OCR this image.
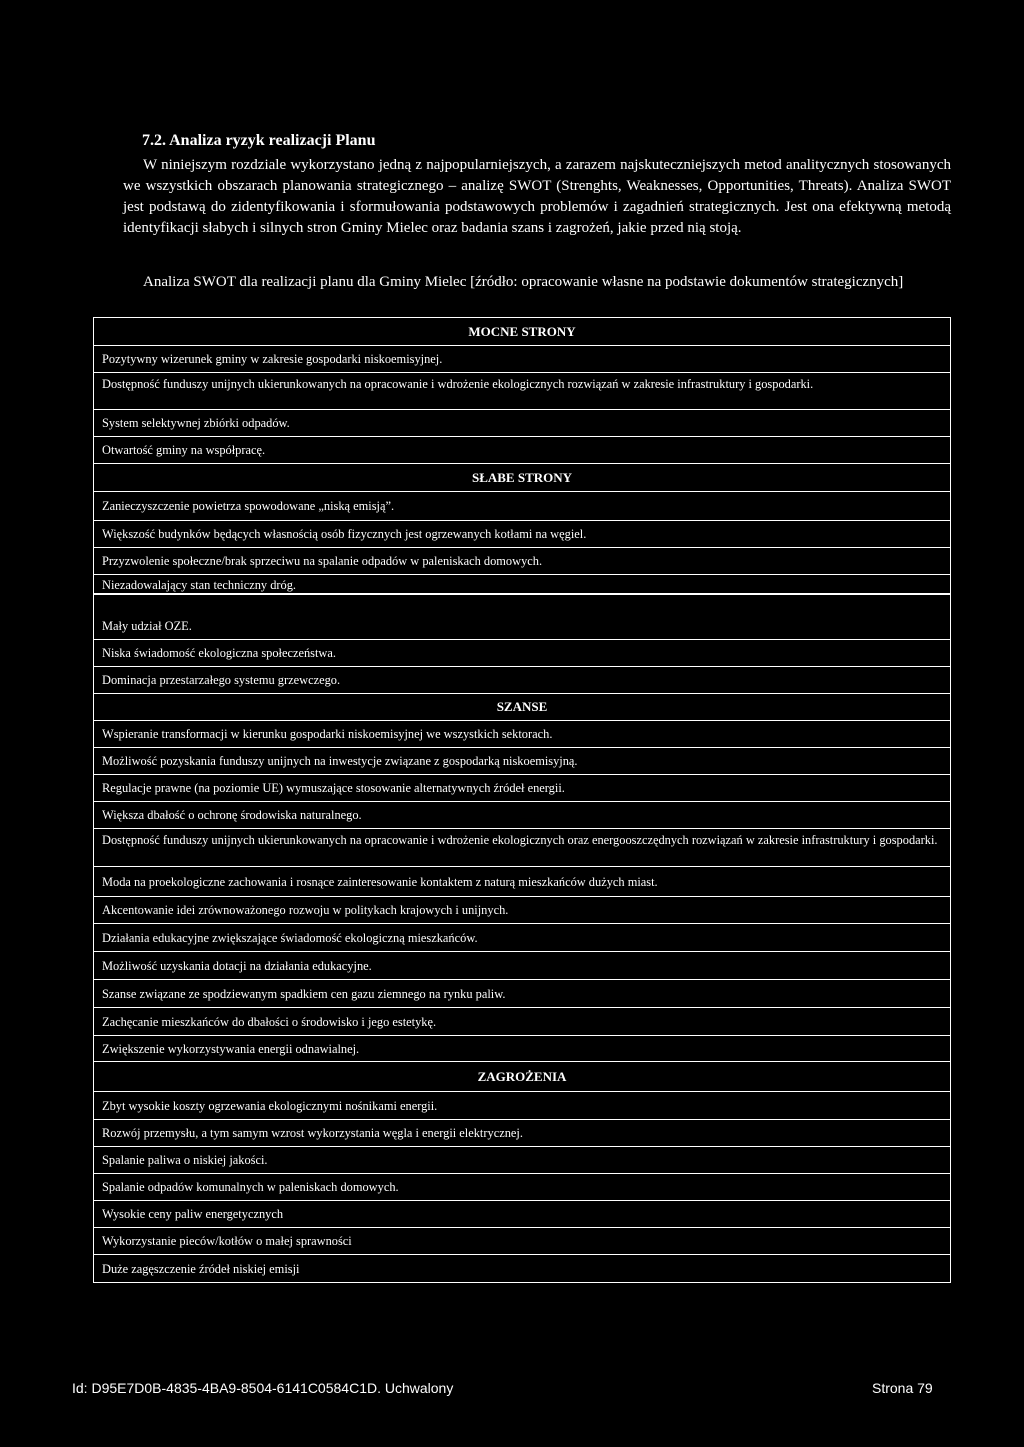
7.2. Analiza ryzyk realizacji Planu
W niniejszym rozdziale wykorzystano jedną z najpopularniejszych, a zarazem najskuteczniejszych metod analitycznych stosowanych we wszystkich obszarach planowania strategicznego – analizę SWOT (Strenghts, Weaknesses, Opportunities, Threats). Analiza SWOT jest podstawą do zidentyfikowania i sformułowania podstawowych problemów i zagadnień strategicznych. Jest ona efektywną metodą identyfikacji słabych i silnych stron Gminy Mielec oraz badania szans i zagrożeń, jakie przed nią stoją.
Analiza SWOT dla realizacji planu dla Gminy Mielec [źródło: opracowanie własne na podstawie dokumentów strategicznych]
MOCNE STRONY
Pozytywny wizerunek gminy w zakresie gospodarki niskoemisyjnej.
Dostępność funduszy unijnych ukierunkowanych na opracowanie i wdrożenie ekologicznych rozwiązań w zakresie infrastruktury i gospodarki.
System selektywnej zbiórki odpadów.
Otwartość gminy na współpracę.
SŁABE STRONY
Zanieczyszczenie powietrza spowodowane „niską emisją”.
Większość budynków będących własnością osób fizycznych jest ogrzewanych kotłami na węgiel.
Przyzwolenie społeczne/brak sprzeciwu na spalanie odpadów w paleniskach domowych.
Niezadowalający stan techniczny dróg.
Mały udział OZE.
Niska świadomość ekologiczna społeczeństwa.
Dominacja przestarzałego systemu grzewczego.
SZANSE
Wspieranie transformacji w kierunku gospodarki niskoemisyjnej we wszystkich sektorach.
Możliwość pozyskania funduszy unijnych na inwestycje związane z gospodarką niskoemisyjną.
Regulacje prawne (na poziomie UE) wymuszające stosowanie alternatywnych źródeł energii.
Większa dbałość o ochronę środowiska naturalnego.
Dostępność funduszy unijnych ukierunkowanych na opracowanie i wdrożenie ekologicznych oraz energooszczędnych rozwiązań w zakresie infrastruktury i gospodarki.
Moda na proekologiczne zachowania i rosnące zainteresowanie kontaktem z naturą mieszkańców dużych miast.
Akcentowanie idei zrównoważonego rozwoju w politykach krajowych i unijnych.
Działania edukacyjne zwiększające świadomość ekologiczną mieszkańców.
Możliwość uzyskania dotacji na działania edukacyjne.
Szanse związane ze spodziewanym spadkiem cen gazu ziemnego na rynku paliw.
Zachęcanie mieszkańców do dbałości o środowisko i jego estetykę.
Zwiększenie wykorzystywania energii odnawialnej.
ZAGROŻENIA
Zbyt wysokie koszty ogrzewania ekologicznymi nośnikami energii.
Rozwój przemysłu, a tym samym wzrost wykorzystania węgla i energii elektrycznej.
Spalanie paliwa o niskiej jakości.
Spalanie odpadów komunalnych w paleniskach domowych.
Wysokie ceny paliw energetycznych
Wykorzystanie pieców/kotłów o małej sprawności
Duże zagęszczenie źródeł niskiej emisji
Id: D95E7D0B-4835-4BA9-8504-6141C0584C1D. Uchwalony	Strona 79
